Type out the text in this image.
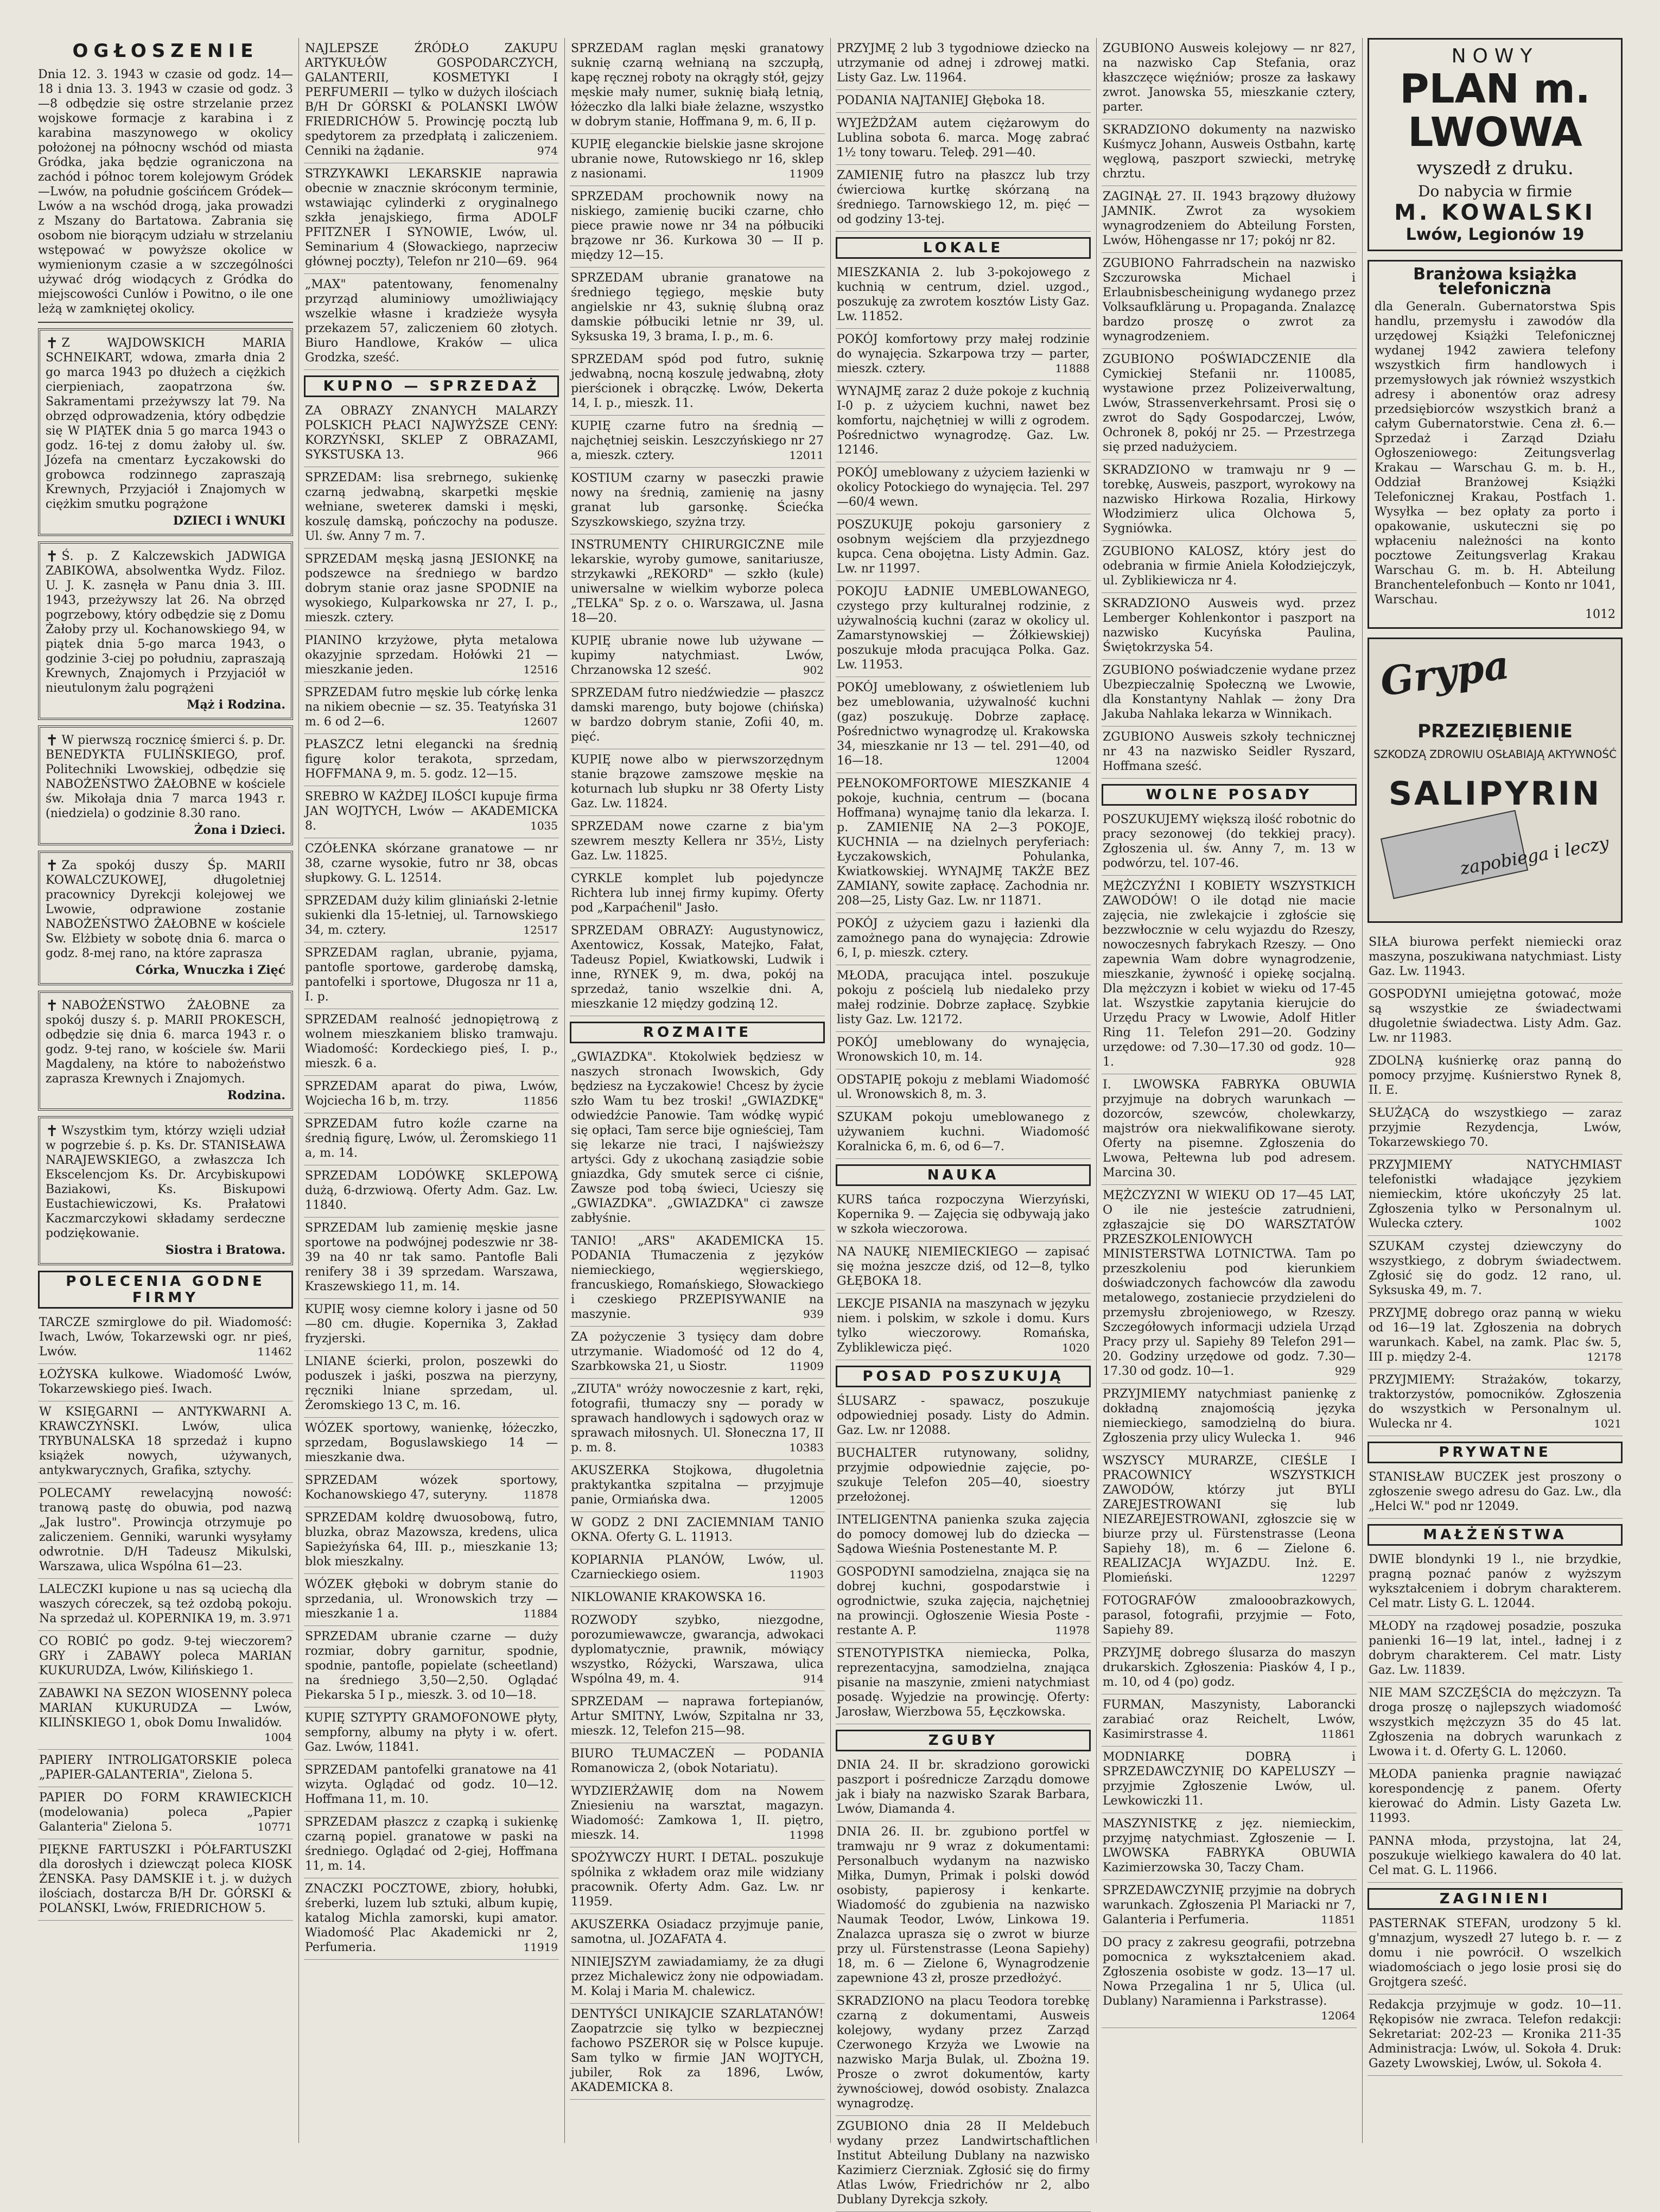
OGŁOSZENIE
Dnia 12. 3. 1943 w czasie od godz. 14—18 i dnia 13. 3. 1943 w czasie od godz. 3—8 odbędzie się ostre strzelanie przez wojskowe formacje z karabina i z karabina maszynowego w okolicy położonej na północny wschód od miasta Gródka, jaka będzie ograniczona na zachód i północ torem kolejowym Gródek—Lwów, na południe gościńcem Gródek—Lwów a na wschód drogą, jaka prowadzi z Mszany do Bartatowa. Zabrania się osobom nie biorącym udziału w strzelaniu wstępować w powyższe okolice w wymienionym czasie a w szczególności używać dróg wiodących z Gródka do miejscowości Cunlów i Powitno, o ile one leżą w zamkniętej okolicy.
✝ Z WAJDOWSKICH MARIA SCHNEIKART, wdowa, zmarła dnia 2 go marca 1943 po dłużech a ciężkich cierpieniach, zaopatrzona św. Sakramentami przeżywszy lat 79. Na obrzęd odprowadzenia, który odbędzie się W PIĄTEK dnia 5 go marca 1943 o godz. 16-tej z domu żałoby ul. św. Józefa na cmentarz Łyczakowski do grobowca rodzinnego zapraszają Krewnych, Przyjaciół i Znajomych w ciężkim smutku pogrążone
DZIECI i WNUKI
✝ Ś. p. Z Kalczewskich JADWIGA ZABIKOWA, absolwentka Wydz. Filoz. U. J. K. zasnęła w Panu dnia 3. III. 1943, przeżywszy lat 26. Na obrzęd pogrzebowy, który odbędzie się z Domu Żałoby przy ul. Kochanowskiego 94, w piątek dnia 5-go marca 1943, o godzinie 3-ciej po południu, zapraszają Krewnych, Znajomych i Przyjaciół w nieutulonym żalu pogrążeni
Mąż i Rodzina.
✝ W pierwszą rocznicę śmierci ś. p. Dr. BENEDYKTA FULIŃSKIEGO, prof. Politechniki Lwowskiej, odbędzie się NABOŻEŃSTWO ŻAŁOBNE w kościele św. Mikołaja dnia 7 marca 1943 r. (niedziela) o godzinie 8.30 rano.
Żona i Dzieci.
✝ Za spokój duszy Śp. MARII KOWALCZUKOWEJ, długoletniej pracownicy Dyrekcji kolejowej we Lwowie, odprawione zostanie NABOŻEŃSTWO ŻAŁOBNE w kościele Sw. Elżbiety w sobotę dnia 6. marca o godz. 8-mej rano, na które zaprasza
Córka, Wnuczka i Zięć
✝ NABOŻEŃSTWO ŻAŁOBNE za spokój duszy ś. p. MARII PROKESCH, odbędzie się dnia 6. marca 1943 r. o godz. 9-tej rano, w kościele św. Marii Magdaleny, na które to nabożeństwo zaprasza Krewnych i Znajomych.
Rodzina.
✝ Wszystkim tym, którzy wzięli udział w pogrzebie ś. p. Ks. Dr. STANISŁAWA NARAJEWSKIEGO, a zwłaszcza Ich Ekscelencjom Ks. Dr. Arcybiskupowi Baziakowi, Ks. Biskupowi Eustachiewiczowi, Ks. Prałatowi Kaczmarczykowi składamy serdeczne podziękowanie.
Siostra i Bratowa.
POLECENIA GODNE FIRMY
TARCZE szmirglowe do pił. Wiadomość: Iwach, Lwów, Tokarzewski ogr. nr pieś, Lwów.	11462
ŁOŻYSKA kulkowe. Wiadomość Lwów, Tokarzewskiego pieś. Iwach.
W KSIĘGARNI — ANTYKWARNI A. KRAWCZYŃSKI. Lwów, ulica TRYBUNALSKA 18 sprzedaż i kupno książek nowych, używanych, antykwarycznych, Grafika, sztychy.
POLECAMY rewelacyjną nowość: tranową pastę do obuwia, pod nazwą „Jak lustro". Prowincja otrzymuje po zaliczeniem. Genniki, warunki wysyłamy odwrotnie. D/H Tadeusz Mikulski, Warszawa, ulica Wspólna 61—23.
LALECZKI kupione u nas są uciechą dla waszych córeczek, są też ozdobą pokoju. Na sprzedaż ul. KOPERNIKA 19, m. 3. 971
CO ROBIĆ po godz. 9-tej wieczorem? GRY i ZABAWY poleca MARIAN KUKURUDZA, Lwów, Kilińskiego 1.
ZABAWKI NA SEZON WIOSENNY poleca MARIAN KUKURUDZA — Lwów, KILIŃSKIEGO 1, obok Domu Inwalidów.
1004
PAPIERY INTROLIGATORSKIE poleca „PAPIER-GALANTERIA", Zielona 5.
PAPIER DO FORM KRAWIECKICH (modelowania) poleca „Papier Galanteria" Zielona 5.	10771
PIĘKNE FARTUSZKI i PÓŁFARTUSZKI dla dorosłych i dziewcząt poleca KIOSK ŻENSKA. Pasy DAMSKIE i t. j. w dużych ilościach, dostarcza B/H Dr. GÓRSKI & POLAŃSKI, Lwów, FRIEDRICHOW 5.
NAJLEPSZE ŹRÓDŁO ZAKUPU ARTYKUŁÓW GOSPODARCZYCH, GALANTERII, KOSMETYKI I PERFUMERII — tylko w dużych ilościach B/H Dr GÓRSKI & POLAŃSKI LWÓW FRIEDRICHÓW 5. Prowincję pocztą lub spedytorem za przedpłatą i zaliczeniem. Cenniki na żądanie.	974
STRZYKAWKI LEKARSKIE naprawia obecnie w znacznie skróconym terminie, wstawiając cylinderki z oryginalnego szkła jenajskiego, firma ADOLF PFITZNER I SYNOWIE, Lwów, ul. Seminarium 4 (Słowackiego, naprzeciw głównej poczty), Telefon nr 210—69. 964
„MAX" patentowany, fenomenalny przyrząd aluminiowy umożliwiający wszelkie własne i kradzieże wysyła przekazem 57, zaliczeniem 60 złotych. Biuro Handlowe, Kraków — ulica Grodzka, sześć.
KUPNO — SPRZEDAŻ
ZA OBRAZY ZNANYCH MALARZY POLSKICH PŁACI NAJWYŻSZE CENY: KORZYŃSKI, SKLEP Z OBRAZAMI, SYKSTUSKA 13.	966
SPRZEDAM: lisa srebrnego, sukienkę czarną jedwabną, skarpetki męskie wełniane, swetereк damski i męski, koszulę damską, pończochy na podusze. Ul. św. Anny 7 m. 7.
SPRZEDAM męską jasną JESIONKĘ na podszewce na średniego w bardzo dobrym stanie oraz jasne SPODNIE na wysokiego, Kulparkowska nr 27, I. p., mieszk. cztery.
PIANINO krzyżowe, płyta metalowa okazyjnie sprzedam. Hołówki 21 — mieszkanie jeden.	12516
SPRZEDAM futro męskie lub córkę lenka na nikiem obecnie — sz. 35. Teatyńska 31 m. 6 od 2—6.	12607
PŁASZCZ letni elegancki na średnią figurę kolor terakota, sprzedam, HOFFMANA 9, m. 5. godz. 12—15.
SREBRO W KAŻDEJ ILOŚCI kupuje firma JAN WOJTYCH, Lwów — AKADEMICKA 8.	1035
CZÓŁENKA skórzane granatowe — nr 38, czarne wysokie, futro nr 38, obcas słupkowy. G. L. 12514.
SPRZEDAM duży kilim gliniański 2-letnie sukienki dla 15-letniej, ul. Tarnowskiego 34, m. cztery.	12517
SPRZEDAM raglan, ubranie, pyjama, pantofle sportowe, garderobę damską, pantofelki i sportowe, Długosza nr 11 a, I. p.
SPRZEDAM realność jednopiętrową z wolnem mieszkaniem blisko tramwaju. Wiadomość: Kordeckiego pieś, I. p., mieszk. 6 a.
SPRZEDAM aparat do piwa, Lwów, Wojciecha 16 b, m. trzy.	11856
SPRZEDAM futro koźle czarne na średnią figurę, Lwów, ul. Żeromskiego 11 a, m. 14.
SPRZEDAM LODÓWKĘ SKLEPOWĄ dużą, 6-drzwiową. Oferty Adm. Gaz. Lw. 11840.
SPRZEDAM lub zamienię męskie jasne sportowe na podwójnej podeszwie nr 38-39 na 40 nr tak samo. Pantofle Bali renifery 38 i 39 sprzedam. Warszawa, Kraszewskiego 11, m. 14.
KUPIĘ wosy ciemne kolory i jasne od 50—80 cm. długie. Kopernika 3, Zakład fryzjerski.
LNIANE ścierki, prolon, poszewki do poduszek i jaśki, poszwa na pierzyny, ręczniki lniane sprzedam, ul. Żeromskiego 13 C, m. 16.
WÓZEK sportowy, waniеnkę, łóżeczko, sprzedam, Boguslawskiego 14 — mieszkanie dwa.
SPRZEDAM wózek sportowy, Kochanowskiego 47, suteryny.	11878
SPRZEDAM koldrę dwuosobową, futro, bluzka, obraz Mazowsza, kredens, ulica Sapieżyńska 64, III. p., mieszkanie 13; blok mieszkalny.
WÓZEK głęboki w dobrym stanie do sprzedania, ul. Wronowskich trzy — mieszkanie 1 a.	11884
SPRZEDAM ubranie czarne — duży rozmiar, dobry garnitur, spodnie, spodnie, pantofle, popielate (scheetland) na średniego 3,50—2,50. Oglądać Piekarska 5 I p., mieszk. 3. od 10—18.
KUPIĘ SZTYPTY GRAMOFONOWE płyty, sempforny, albumy na płyty i w. ofert. Gaz. Lwów, 11841.
SPRZEDAM pantofelki granatowe na 41 wizyta. Oglądać od godz. 10—12. Hoffmana 11, m. 10.
SPRZEDAM płaszcz z czapką i sukienkę czarną popiel. granatowe w paski na średniego. Oglądać od 2-giej, Hoffmana 11, m. 14.
ZNACZKI POCZTOWE, zbiory, hołubki, śreberki, luzem lub sztuki, album kupię, katalog Michla zamorski, kupi amator. Wiadomość Plac Akademicki nr 2, Perfumeria.	11919
SPRZEDAM raglan męski granatowy suknię czarną wełnianą na szczupłą, kapę ręcznej roboty na okrągły stół, gejzy męskie mały numer, suknię białą letnią, łóżeczko dla lalki białe żelazne, wszystko w dobrym stanie, Hoffmana 9, m. 6, II p.
KUPIĘ eleganckie bielskie jasne skrojone ubranie nowe, Rutowskiego nr 16, sklep z nasionami.	11909
SPRZEDAM prochownik nowy na niskiego, zamienię buciki czarne, chło piece prawie nowe nr 34 na półbuciki brązowe nr 36. Kurkowa 30 — II p. między 12—15.
SPRZEDAM ubranie granatowe na średniego tęgiego, męskie buty angielskie nr 43, suknię ślubną oraz damskie półbuciki letnie nr 39, ul. Syksuska 19, 3 brama, I. p., m. 6.
SPRZEDAM spód pod futro, suknię jedwabną, nocną koszulę jedwabną, złoty pierścionek i obrączkę. Lwów, Dekerta 14, I. p., mieszk. 11.
KUPIĘ czarne futro na średnią — najchętniej seiskin. Leszczyńskiego nr 27 a, mieszk. cztery.	12011
KOSTIUM czarny w paseczki prawie nowy na średnią, zamienię na jasny granat lub garsonkę. Ściećka Szyszkowskiego, szyżna trzy.
INSTRUMENTY CHIRURGICZNE mile lekarskie, wyroby gumowe, sanitariusze, strzykawki „REKORD" — szkło (kule) uniwersalne w wielkim wyborze poleca „TELKA" Sp. z o. o. Warszawa, ul. Jasna 18—20.
KUPIĘ ubranie nowe lub używane — kupimy natychmiast. Lwów, Chrzanowska 12 sześć.	902
SPRZEDAM futro niedźwiedzie — płaszcz damski marengo, buty bojowe (chińska) w bardzo dobrym stanie, Zofii 40, m. pięć.
KUPIĘ nowe albo w pierwszorzędnym stanie brązowe zamszowe męskie na koturnach lub słupku nr 38 Oferty Listy Gaz. Lw. 11824.
SPRZEDAM nowe czarne z bia'ym szewrem meszty Kellera nr 35½, Listy Gaz. Lw. 11825.
CYRKLE komplet lub pojedyncze Richtera lub innej firmy kupimy. Oferty pod „Karpaćhenil" Jasło.
SPRZEDAM OBRAZY: Augustynowicz, Axentowicz, Kossak, Matejko, Fałat, Tadeusz Popiel, Kwiatkowski, Ludwik i inne, RYNEK 9, m. dwa, pokój na sprzedaż, tanio wszelkie dni. A, mieszkanie 12 między godziną 12.
ROZMAITE
„GWIAZDKA". Ktokolwiek będziesz w naszych stronach Iwowskich, Gdy będziesz na Łyczakowie! Chcesz by życie szło Wam tu bez troski! „GWIAZDKĘ" odwiedźcie Panowie. Tam wódkę wypić się opłaci, Tam serce bije ognieściej, Tam się lekarze nie traci, I najświeższy artyści. Gdy z ukochaną zasiądzie sobie gniazdka, Gdy smutek serce ci ciśnie, Zawsze pod tobą świeci, Ucieszy się „GWIAZDKA". „GWIAZDKA" ci zawsze zabłyśnie.
TANIO! „ARS" AKADEMICKA 15. PODANIA Tłumaczenia z języków niemieckiego, węgierskiego, francuskiego, Romańskiego, Słowackiego i czeskiego PRZEPISYWANIE na maszynie.	939
ZA pożyczenie 3 tysięcy dam dobre utrzymanie. Wiadomość od 12 do 4, Szarbkowska 21, u Siostr.	11909
„ZIUTA" wróży nowoczesnie z kart, ręki, fotografii, tłumaczy sny — porady w sprawach handlowych i sądowych oraz w sprawach miłosnych. Ul. Słoneczna 17, II p. m. 8.	10383
AKUSZERKA Stojkowa, długoletnia praktykantka szpitalna — przyjmuje panie, Ormiańska dwa.	12005
W GODZ 2 DNI ZACIEMNIAM TANIO OKNA. Oferty G. L. 11913.
KOPIARNIA PLANÓW, Lwów, ul. Czarnieckiego osiem.	11903
NIKLOWANIE KRAKOWSKA 16.
ROZWODY szybko, niezgodne, porozumiewawcze, gwarancja, adwokaci dyplomatycznie, prawnik, mówiący wszystko, Różycki, Warszawa, ulica Wspólna 49, m. 4.	914
SPRZEDAM — naprawa fortepianów, Artur SMITNY, Lwów, Szpitalna nr 33, mieszk. 12, Telefon 215—98.
BIURO TŁUMACZEŃ — PODANIA Romanowicza 2, (obok Notariatu).
WYDZIERŻAWIĘ dom na Nowem Zniesieniu na warsztat, magazyn. Wiadomość: Zamkowa 1, II. piętro, mieszk. 14.	11998
SPOŻYWCZY HURT. I DETAL. poszukuje spólnika z wkładem oraz mile widziany pracownik. Oferty Adm. Gaz. Lw. nr 11959.
AKUSZERKA Osiadacz przyjmuje panie, samotna, ul. JOZAFATA 4.
NINIEJSZYM zawiadamiamy, że za długi przez Michalewicz żony nie odpowiadam. M. Kolaj i Maria M. chalewicz.
DENTYŚCI UNIKAJCIE SZARLATANÓW! Zaopatrzcie się tylko w bezpiecznej fachowo PSZEROR się w Polsce kupuje. Sam tylko w firmie JAN WOJTYCH, jubiler, Rok za 1896, Lwów, AKADEMICKA 8.
PRZYJMĘ 2 lub 3 tygodniowe dziecko na utrzymanie od adnej i zdrowej matki. Listy Gaz. Lw. 11964.
PODANIA NAJTANIEJ Głęboka 18.
WYJEŻDŻAM autem ciężarowym do Lublina sobota 6. marca. Mogę zabrać 1½ tony towaru. Teleф. 291—40.
ZAMIENIĘ futro na płaszcz lub trzy ćwierciowa kurtkę skórzaną na średniego. Tarnowskiego 12, m. pięć — od godziny 13-tej.
LOKALE
MIESZKANIA 2. lub 3-pokojowego z kuchnią w centrum, dziel. uzgod., poszukuję za zwrotem kosztów Listy Gaz. Lw. 11852.
POKÓJ komfortowy przy małej rodzinie do wynajęcia. Szkarpowa trzy — parter, mieszk. cztery.	11888
WYNAJMĘ zaraz 2 duże pokoje z kuchnią I-0 p. z użyciem kuchni, nawet bez komfortu, najchętniej w willi z ogrodem. Pośrednictwo wynagrodzę. Gaz. Lw. 12146.
POKÓJ umeblowany z użyciem łazienki w okolicy Potockiego do wynajęcia. Tel. 297—60/4 wewn.
POSZUKUJĘ pokoju garsoniery z osobnym wejściem dla przyjezdnego kupca. Cena obojętna. Listy Admin. Gaz. Lw. nr 11997.
POKOJU ŁADNIE UMEBLOWANEGO, czystego przy kulturalnej rodzinie, z używalnością kuchni (zaraz w okolicy ul. Zamarstynowskiej — Żółkiewskiej) poszukuje młoda pracująca Polka. Gaz. Lw. 11953.
POKÓJ umeblowany, z oświetleniem lub bez umeblowania, używalność kuchni (gaz) poszukuję. Dobrze zapłacę. Pośrednictwo wynagrodzę ul. Krakowska 34, mieszkanie nr 13 — tel. 291—40, od 16—18.	12004
PEŁNOKOMFORTOWE MIESZKANIE 4 pokoje, kuchnia, centrum — (bocana Hoffmana) wynajmę tanio dla lekarza. I. p. ZAMIENIĘ NA 2—3 POKOJE, KUCHNIA — na dzielnych peryferiach: Łyczakowskich, Pohulanka, Kwiatkowskiej. WYNAJMĘ TAKŻE BEZ ZAMIANY, sowite zapłacę. Zachodnia nr. 208—25, Listy Gaz. Lw. nr 11871.
POKÓJ z użyciem gazu i łazienki dla zamożnego pana do wynajęcia: Zdrowie 6, I, p. mieszk. cztery.
MŁODA, pracująca intel. poszukuje pokoju z pościelą lub niedaleko przy małej rodzinie. Dobrze zapłacę. Szybkie listy Gaz. Lw. 12172.
POKÓJ umeblowany do wynajęcia, Wronowskich 10, m. 14.
ODSTAPIĘ pokoju z meblami Wiadomość ul. Wronowskich 8, m. 3.
SZUKAM pokoju umeblowanego z używaniem kuchni. Wiadomość Koralnicka 6, m. 6, od 6—7.
NAUKA
KURS tańca rozpoczyna Wierzyński, Kopernika 9. — Zajęcia się odbywają jako w szkoła wieczorowa.
NA NAUKĘ NIEMIECKIEGO — zapisać się można jeszcze dziś, od 12—8, tylko GŁĘBOKA 18.
LEKCJE PISANIA na maszynach w języku niem. i polskim, w szkole i domu. Kurs tylko wieczorowy. Romańska, Zybliklewicza pięć.	1020
POSAD POSZUKUJĄ
ŚLUSARZ - spawacz, poszukuje odpowiedniej posady. Listy do Admin. Gaz. Lw. nr 12088.
BUCHALTER rutynowany, solidny, przyjmie odpowiednie zajęcie, po- szukuje Telefon 205—40, sioestry przełożonej.
INTELIGENTNA panienka szuka zajęcia do pomocy domowej lub do dziecka — Sądowa Wieśnia Postenestante M. P.
GOSPODYNI samodzielna, znająca się na dobrej kuchni, gospodarstwie i ogrodnictwie, szuka zajęcia, najchętniej na prowincji. Ogłoszenie Wiesia Poste - restante A. P.	11978
STENOTYPISTKA niemiecka, Polka, reprezentacyjna, samodzielna, znająca pisanie na maszynie, zmieni natychmiast posadę. Wyjedzie na prowincję. Oferty: Jarosław, Wierzbowa 55, Łęczkowska.
ZGUBY
DNIA 24. II br. skradziono gorowicki paszport i pośrednicze Zarządu domowe jak i biały na nazwisko Szarak Barbara, Lwów, Diamanda 4.
DNIA 26. II. br. zgubiono portfel w tramwaju nr 9 wraz z dokumentami: Personalbuch wydanym na nazwisko Miłka, Dumyn, Primak i polski dowód osobisty, papierosy i kenkarte. Wiadomość do zgubienia na nazwisko Naumak Teodor, Lwów, Linkowa 19. Znalazca uprasza się o zwrot w biurze przy ul. Fürstenstrasse (Leona Sapiehy) 18, m. 6 — Zielone 6, Wynagrodzenie zapewnione 43 zł, prosze przedłożyć.
SKRADZIONO na placu Teodora torebkę czarną z dokumentami, Ausweis kolejowy, wydany przez Zarząd Czerwonego Krzyża we Lwowie na nazwisko Marja Bulak, ul. Zbożna 19. Prosze o zwrot dokumentów, karty żywnościowej, dowód osobisty. Znalazca wynagrodzę.
ZGUBIONO dnia 28 II Meldebuch wydany przez Landwirtschaftlichen Institut Abteilung Dublany na nazwisko Kazimierz Cierzniak. Zgłosić się do firmy Atlas Lwów, Friedrichów nr 2, albo Dublany Dyrekcja szkoły.
ZGUBIONO Ausweis kolejowy — nr 827, na nazwisko Cap Stefania, oraz kłaszczęce więźniów; prosze za łaskawy zwrot. Janowska 55, mieszkanie cztery, parter.
SKRADZIONO dokumenty na nazwisko Kuśmycz Johann, Ausweis Ostbahn, kartę węglową, paszport szwiecki, metrykę chrztu.
ZAGINĄŁ 27. II. 1943 brązowy dłużowy JAMNIK. Zwrot za wysokiem wynagrodzeniem do Abteilung Forsten, Lwów, Höhengasse nr 17; pokój nr 82.
ZGUBIONO Fahrradschein na nazwisko Szczurowska Michael i Erlaubnisbescheinigung wydanego przez Volksaufklärung u. Propaganda. Znalazcę bardzo proszę o zwrot za wynagrodzeniem.
ZGUBIONO POŚWIADCZENIE dla Cymickiej Stefanii nr. 110085, wystawione przez Polizeiverwaltung, Lwów, Strassenverkehrsamt. Prosi się o zwrot do Sądy Gospodarczej, Lwów, Ochronek 8, pokój nr 25. — Przestrzega się przed nadużyciem.
SKRADZIONO w tramwaju nr 9 — torebkę, Ausweis, paszport, wyrokowy na nazwisko Hirkowa Rozalia, Hirkowy Włodzimierz ulica Olchowa 5, Sygniówka.
ZGUBIONO KALOSZ, który jest do odebrania w firmie Aniela Kołodziejczyk, ul. Zyblikiewicza nr 4.
SKRADZIONO Ausweis wyd. przez Lemberger Kohlenkontor i paszport na nazwisko Kucyńska Paulina, Świętokrzyska 54.
ZGUBIONO poświadczenie wydane przez Ubezpieczalnię Społeczną we Lwowie, dla Konstantyny Nahlak — żony Dra Jakuba Nahlaka lekarza w Winnikach.
ZGUBIONO Ausweis szkoły technicznej nr 43 na nazwisko Seidler Ryszard, Hoffmana sześć.
WOLNE POSADY
POSZUKUJEMY większą ilość robotnic do pracy sezonowej (do tekkiej pracy). Zgłoszenia ul. św. Anny 7, m. 13 w podwórzu, tel. 107-46.
MĘŻCZYŹNI I KOBIETY WSZYSTKICH ZAWODÓW! O ile dotąd nie macie zajęcia, nie zwlekajcie i zgłoście się bezzwłocznie w celu wyjazdu do Rzeszy, nowoczesnych fabrykach Rzeszy. — Ono zapewnia Wam dobre wynagrodzenie, mieszkanie, żywność i opiekę socjalną. Dla mężczyzn i kobiet w wieku od 17-45 lat. Wszystkie zapytania kierujcie do Urzędu Pracy w Lwowie, Adolf Hitler Ring 11. Telefon 291—20. Godziny urzędowe: od 7.30—17.30 od godz. 10—1.	928
I. LWOWSKA FABRYKA OBUWIA przyjmuje na dobrych warunkach — dozorców, szewców, cholewkarzy, majstrów ora niekwalifikowane sieroty. Oferty na pisemne. Zgłoszenia do Lwowa, Pełtewna lub pod adresem. Marcina 30.
MĘŻCZYZNI W WIEKU OD 17—45 LAT, O ile nie jesteście zatrudnieni, zgłaszajcie się DO WARSZTATÓW PRZESZKOLENIOWYCH MINISTERSTWA LOTNICTWA. Tam po przeszkoleniu pod kierunkiem doświadczonych fachowców dla zawodu metalowego, zostaniecie przydzieleni do przemysłu zbrojeniowego, w Rzeszy. Szczegółowych informacji udziela Urząd Pracy przy ul. Sapiehy 89 Telefon 291—20. Godziny urzędowe od godz. 7.30—17.30 od godz. 10—1.	929
PRZYJMIEMY natychmiast panienkę z dokładną znajomością języka niemieckiego, samodzielną do biura. Zgłoszenia przy ulicy Wulecka 1.	946
WSZYSCY MURARZE, CIEŚLE I PRACOWNICY WSZYSTKICH ZAWODÓW, którzy jut BYLI ZAREJESTROWANI się lub NIEZAREJESTROWANI, zgłoszcie się w biurze przy ul. Fürstenstrasse (Leona Sapiehy 18), m. 6 — Zielone 6. REALIZACJA WYJAZDU. Inż. E. Plomieński.	12297
FOTOGRAFÓW zmalooobrazkowych, parasol, fotografii, przyjmie — Foto, Sapiehy 89.
PRZYJMĘ dobrego ślusarza do maszyn drukarskich. Zgłoszenia: Piasków 4, I p., m. 10, od 4 (po) godz.
FURMAN, Maszynisty, Laborancki zarabiać oraz Reichelt, Lwów, Kasimirstrasse 4.	11861
MODNIARKĘ DOBRĄ i SPRZEDAWCZYNIĘ DO KAPELUSZY — przyjmie Zgłoszenie Lwów, ul. Lewkowiczki 11.
MASZYNISTKĘ z jęz. niemieckim, przyjmę natychmiast. Zgłoszenie — I. LWOWSKA FABRYKA OBUWIA Kazimierzowska 30, Taczy Cham.
SPRZEDAWCZYNIĘ przyjmie na dobrych warunkach. Zgłoszenia Pl Mariacki nr 7, Galanteria i Perfumeria.	11851
DO pracy z zakresu geografii, potrzebna pomocnica z wykształceniem akad. Zgłoszenia osobiste w godz. 13—17 ul. Nowa Przegalina 1 nr 5, Ulica (ul. Dublany) Naramienna i Parkstrasse).
12064
NOWY
PLAN m. LWOWA
wyszedł z druku.
Do nabycia w firmie
M. KOWALSKI
Lwów, Legionów 19
Branżowa książka telefoniczna
dla Generaln. Gubernatorstwa Spis handlu, przemysłu i zawodów dla urzędowej Książki Telefonicznej wydanej 1942 zawiera telefony wszystkich firm handlowych i przemysłowych jak również wszystkich adresy i abonentów oraz adresy przedsiębiorców wszystkich branż a całym Gubernatorstwie. Cena zł. 6.— Sprzedaż i Zarząd Działu Ogłoszeniowego: Zeitungsverlag Krakau — Warschau G. m. b. H., Oddział Branżowej Książki Telefonicznej Krakau, Postfach 1. Wysyłka — bez opłaty za porto i opakowanie, uskuteczni się po wpłaceniu należności na konto pocztowe Zeitungsverlag Krakau Warschau G. m. b. H. Abteilung Branchentelefonbuch — Konto nr 1041, Warschau.
1012
Grypa
PRZEZIĘBIENIE
SZKODZĄ ZDROWIU OSŁABIAJĄ AKTYWNOŚĆ
SALIPYRIN
zapobiega i leczy
SIŁA biurowa perfekt niemiecki oraz maszyna, poszukiwana natychmiast. Listy Gaz. Lw. 11943.
GOSPODYNI umiejętna gotować, może są wszystkie ze świadectwami długoletnie świadectwa. Listy Adm. Gaz. Lw. nr 11983.
ZDOLNĄ kuśnierkę oraz panną do pomocy przyjmę. Kuśnierstwo Rynek 8, II. E.
SŁUŻĄCĄ do wszystkiego — zaraz przyjmie Rezydencja, Lwów, Tokarzewskiego 70.
PRZYJMIEMY NATYCHMIAST telefonistki władające językiem niemieckim, które ukończyły 25 lat. Zgłoszenia tylko w Personalnym ul. Wulecka cztery.	1002
SZUKAM czystej dziewczyny do wszystkiego, z dobrym świadectwem. Zgłosić się do godz. 12 rano, ul. Syksuska 49, m. 7.
PRZYJMĘ dobrego oraz panną w wieku od 16—19 lat. Zgłoszenia na dobrych warunkach. Kabel, na zamk. Plac św. 5, III p. między 2-4.	12178
PRZYJMIEMY: Strażaków, tokarzy, traktorzystów, pomocników. Zgłoszenia do wszystkich w Personalnym ul. Wulecka nr 4.	1021
PRYWATNE
STANISŁAW BUCZEK jest proszony o zgłoszenie swego adresu do Gaz. Lw., dla „Helci W." pod nr 12049.
MAŁŻEŃSTWA
DWIE blondynki 19 l., nie brzydkie, pragną poznać panów z wyższym wykształceniem i dobrym charakterem. Cel matr. Listy G. L. 12044.
MŁODY na rządowej posadzie, poszuka panienki 16—19 lat, intel., ładnej i z dobrym charakterem. Cel matr. Listy Gaz. Lw. 11839.
NIE MAM SZCZĘŚCIA do mężczyzn. Ta droga proszę o najlepszych wiadomość wszystkich mężczyzn 35 do 45 lat. Zgłoszenia na dobrych warunkach z Lwowa i t. d. Oferty G. L. 12060.
MŁODA panienka pragnie nawiązać korespondencję z panem. Oferty kierować do Admin. Listy Gazeta Lw. 11993.
PANNA młoda, przystojna, lat 24, poszukuje wielkiego kawalera do 40 lat. Cel mat. G. L. 11966.
ZAGINIENI
PASTERNAK STEFAN, urodzony 5 kl. g'mnazjum, wyszedł 27 lutego b. r. — z domu i nie powrócił. O wszelkich wiadomościach o jego losie prosi się do Grojtgera sześć.
Redakcja przyjmuje w godz. 10—11. Rękopisów nie zwraca. Telefon redakcji: Sekretariat: 202-23 — Kronika 211-35 Administracja: Lwów, ul. Sokoła 4. Druk: Gazety Lwowskiej, Lwów, ul. Sokoła 4.
